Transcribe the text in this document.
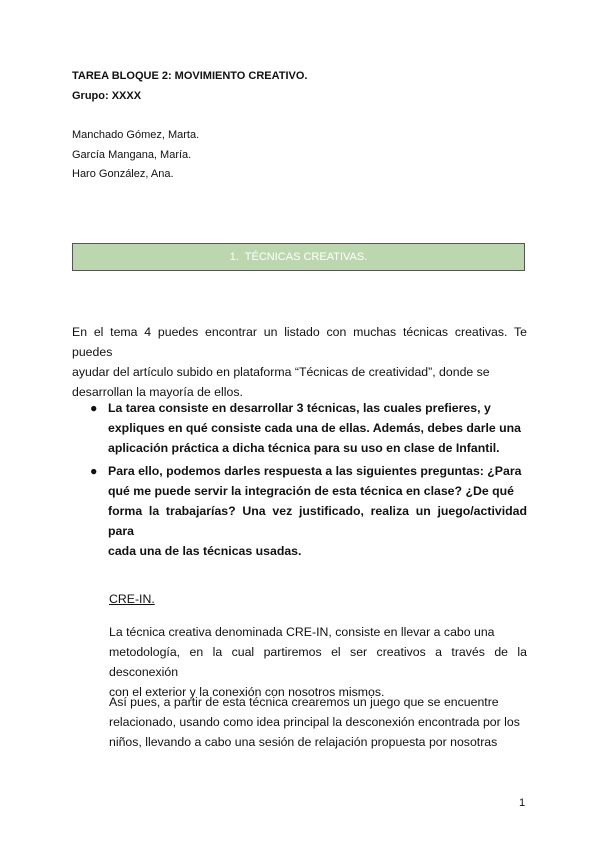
TAREA BLOQUE 2: MOVIMIENTO CREATIVO.
Grupo: XXXX
Manchado Gómez, Marta.
García Mangana, María.
Haro González, Ana.
1.  TÉCNICAS CREATIVAS.
En el tema 4 puedes encontrar un listado con muchas técnicas creativas. Te puedes
ayudar del artículo subido en plataforma “Técnicas de creatividad”, donde se
desarrollan la mayoría de ellos.
● La tarea consiste en desarrollar 3 técnicas, las cuales prefieres, y
expliques en qué consiste cada una de ellas. Además, debes darle una
aplicación práctica a dicha técnica para su uso en clase de Infantil.
● Para ello, podemos darles respuesta a las siguientes preguntas: ¿Para
qué me puede servir la integración de esta técnica en clase? ¿De qué
forma la trabajarías? Una vez justificado, realiza un juego/actividad para
cada una de las técnicas usadas.
CRE-IN.
La técnica creativa denominada CRE-IN, consiste en llevar a cabo una
metodología, en la cual partiremos el ser creativos a través de la desconexión
con el exterior y la conexión con nosotros mismos.
Así pues, a partir de esta técnica crearemos un juego que se encuentre
relacionado, usando como idea principal la desconexión encontrada por los
niños, llevando a cabo una sesión de relajación propuesta por nosotras
1
